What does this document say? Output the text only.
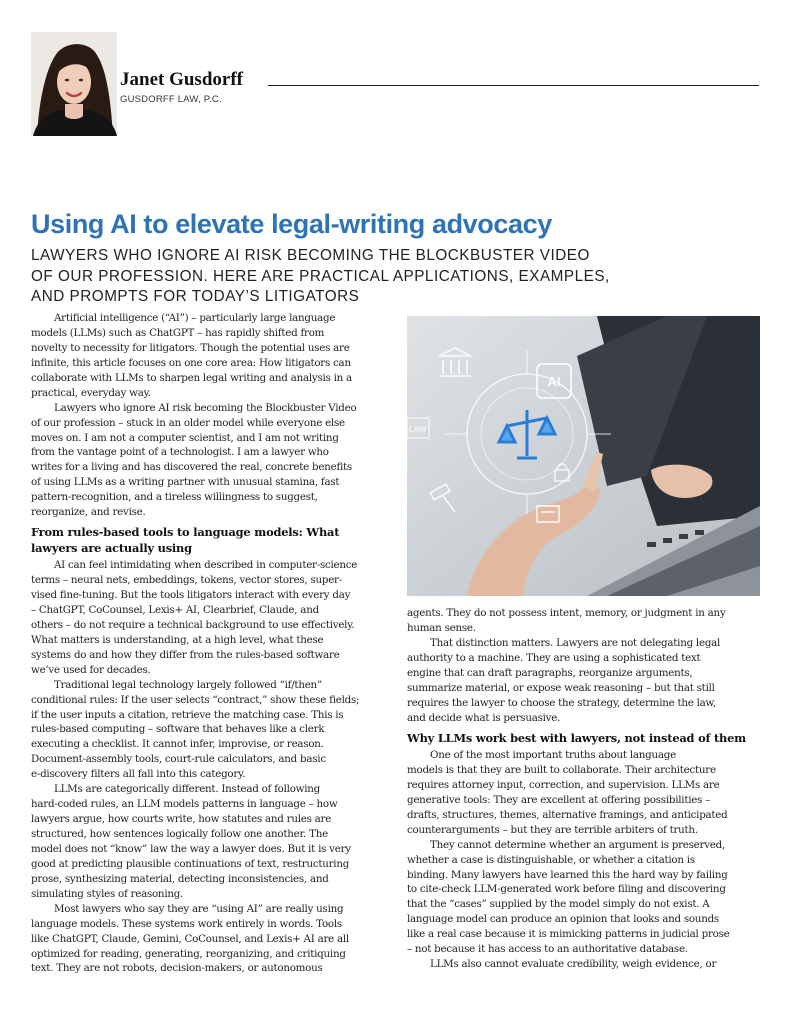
Janet Gusdorff
GUSDORFF LAW, P.C.
Using AI to elevate legal-writing advocacy
LAWYERS WHO IGNORE AI RISK BECOMING THE BLOCKBUSTER VIDEO
OF OUR PROFESSION. HERE ARE PRACTICAL APPLICATIONS, EXAMPLES,
AND PROMPTS FOR TODAY’S LITIGATORS
AI
LAW
Artificial intelligence (“AI”) – particularly large language
models (LLMs) such as ChatGPT – has rapidly shifted from
novelty to necessity for litigators. Though the potential uses are
infinite, this article focuses on one core area: How litigators can
collaborate with LLMs to sharpen legal writing and analysis in a
practical, everyday way.
Lawyers who ignore AI risk becoming the Blockbuster Video
of our profession – stuck in an older model while everyone else
moves on. I am not a computer scientist, and I am not writing
from the vantage point of a technologist. I am a lawyer who
writes for a living and has discovered the real, concrete benefits
of using LLMs as a writing partner with unusual stamina, fast
pattern-recognition, and a tireless willingness to suggest,
reorganize, and revise.
From rules-based tools to language models: What
lawyers are actually using
AI can feel intimidating when described in computer-science
terms – neural nets, embeddings, tokens, vector stores, super-
vised fine-tuning. But the tools litigators interact with every day
– ChatGPT, CoCounsel, Lexis+ AI, Clearbrief, Claude, and
others – do not require a technical background to use effectively.
What matters is understanding, at a high level, what these
systems do and how they differ from the rules-based software
we’ve used for decades.
Traditional legal technology largely followed “if/then”
conditional rules: If the user selects “contract,” show these fields;
if the user inputs a citation, retrieve the matching case. This is
rules-based computing – software that behaves like a clerk
executing a checklist. It cannot infer, improvise, or reason.
Document-assembly tools, court-rule calculators, and basic
e-discovery filters all fall into this category.
LLMs are categorically different. Instead of following
hard-coded rules, an LLM models patterns in language – how
lawyers argue, how courts write, how statutes and rules are
structured, how sentences logically follow one another. The
model does not “know” law the way a lawyer does. But it is very
good at predicting plausible continuations of text, restructuring
prose, synthesizing material, detecting inconsistencies, and
simulating styles of reasoning.
Most lawyers who say they are “using AI” are really using
language models. These systems work entirely in words. Tools
like ChatGPT, Claude, Gemini, CoCounsel, and Lexis+ AI are all
optimized for reading, generating, reorganizing, and critiquing
text. They are not robots, decision-makers, or autonomous
agents. They do not possess intent, memory, or judgment in any
human sense.
That distinction matters. Lawyers are not delegating legal
authority to a machine. They are using a sophisticated text
engine that can draft paragraphs, reorganize arguments,
summarize material, or expose weak reasoning – but that still
requires the lawyer to choose the strategy, determine the law,
and decide what is persuasive.
Why LLMs work best with lawyers, not instead of them
One of the most important truths about language
models is that they are built to collaborate. Their architecture
requires attorney input, correction, and supervision. LLMs are
generative tools: They are excellent at offering possibilities –
drafts, structures, themes, alternative framings, and anticipated
counterarguments – but they are terrible arbiters of truth.
They cannot determine whether an argument is preserved,
whether a case is distinguishable, or whether a citation is
binding. Many lawyers have learned this the hard way by failing
to cite-check LLM-generated work before filing and discovering
that the “cases” supplied by the model simply do not exist. A
language model can produce an opinion that looks and sounds
like a real case because it is mimicking patterns in judicial prose
– not because it has access to an authoritative database.
LLMs also cannot evaluate credibility, weigh evidence, or
